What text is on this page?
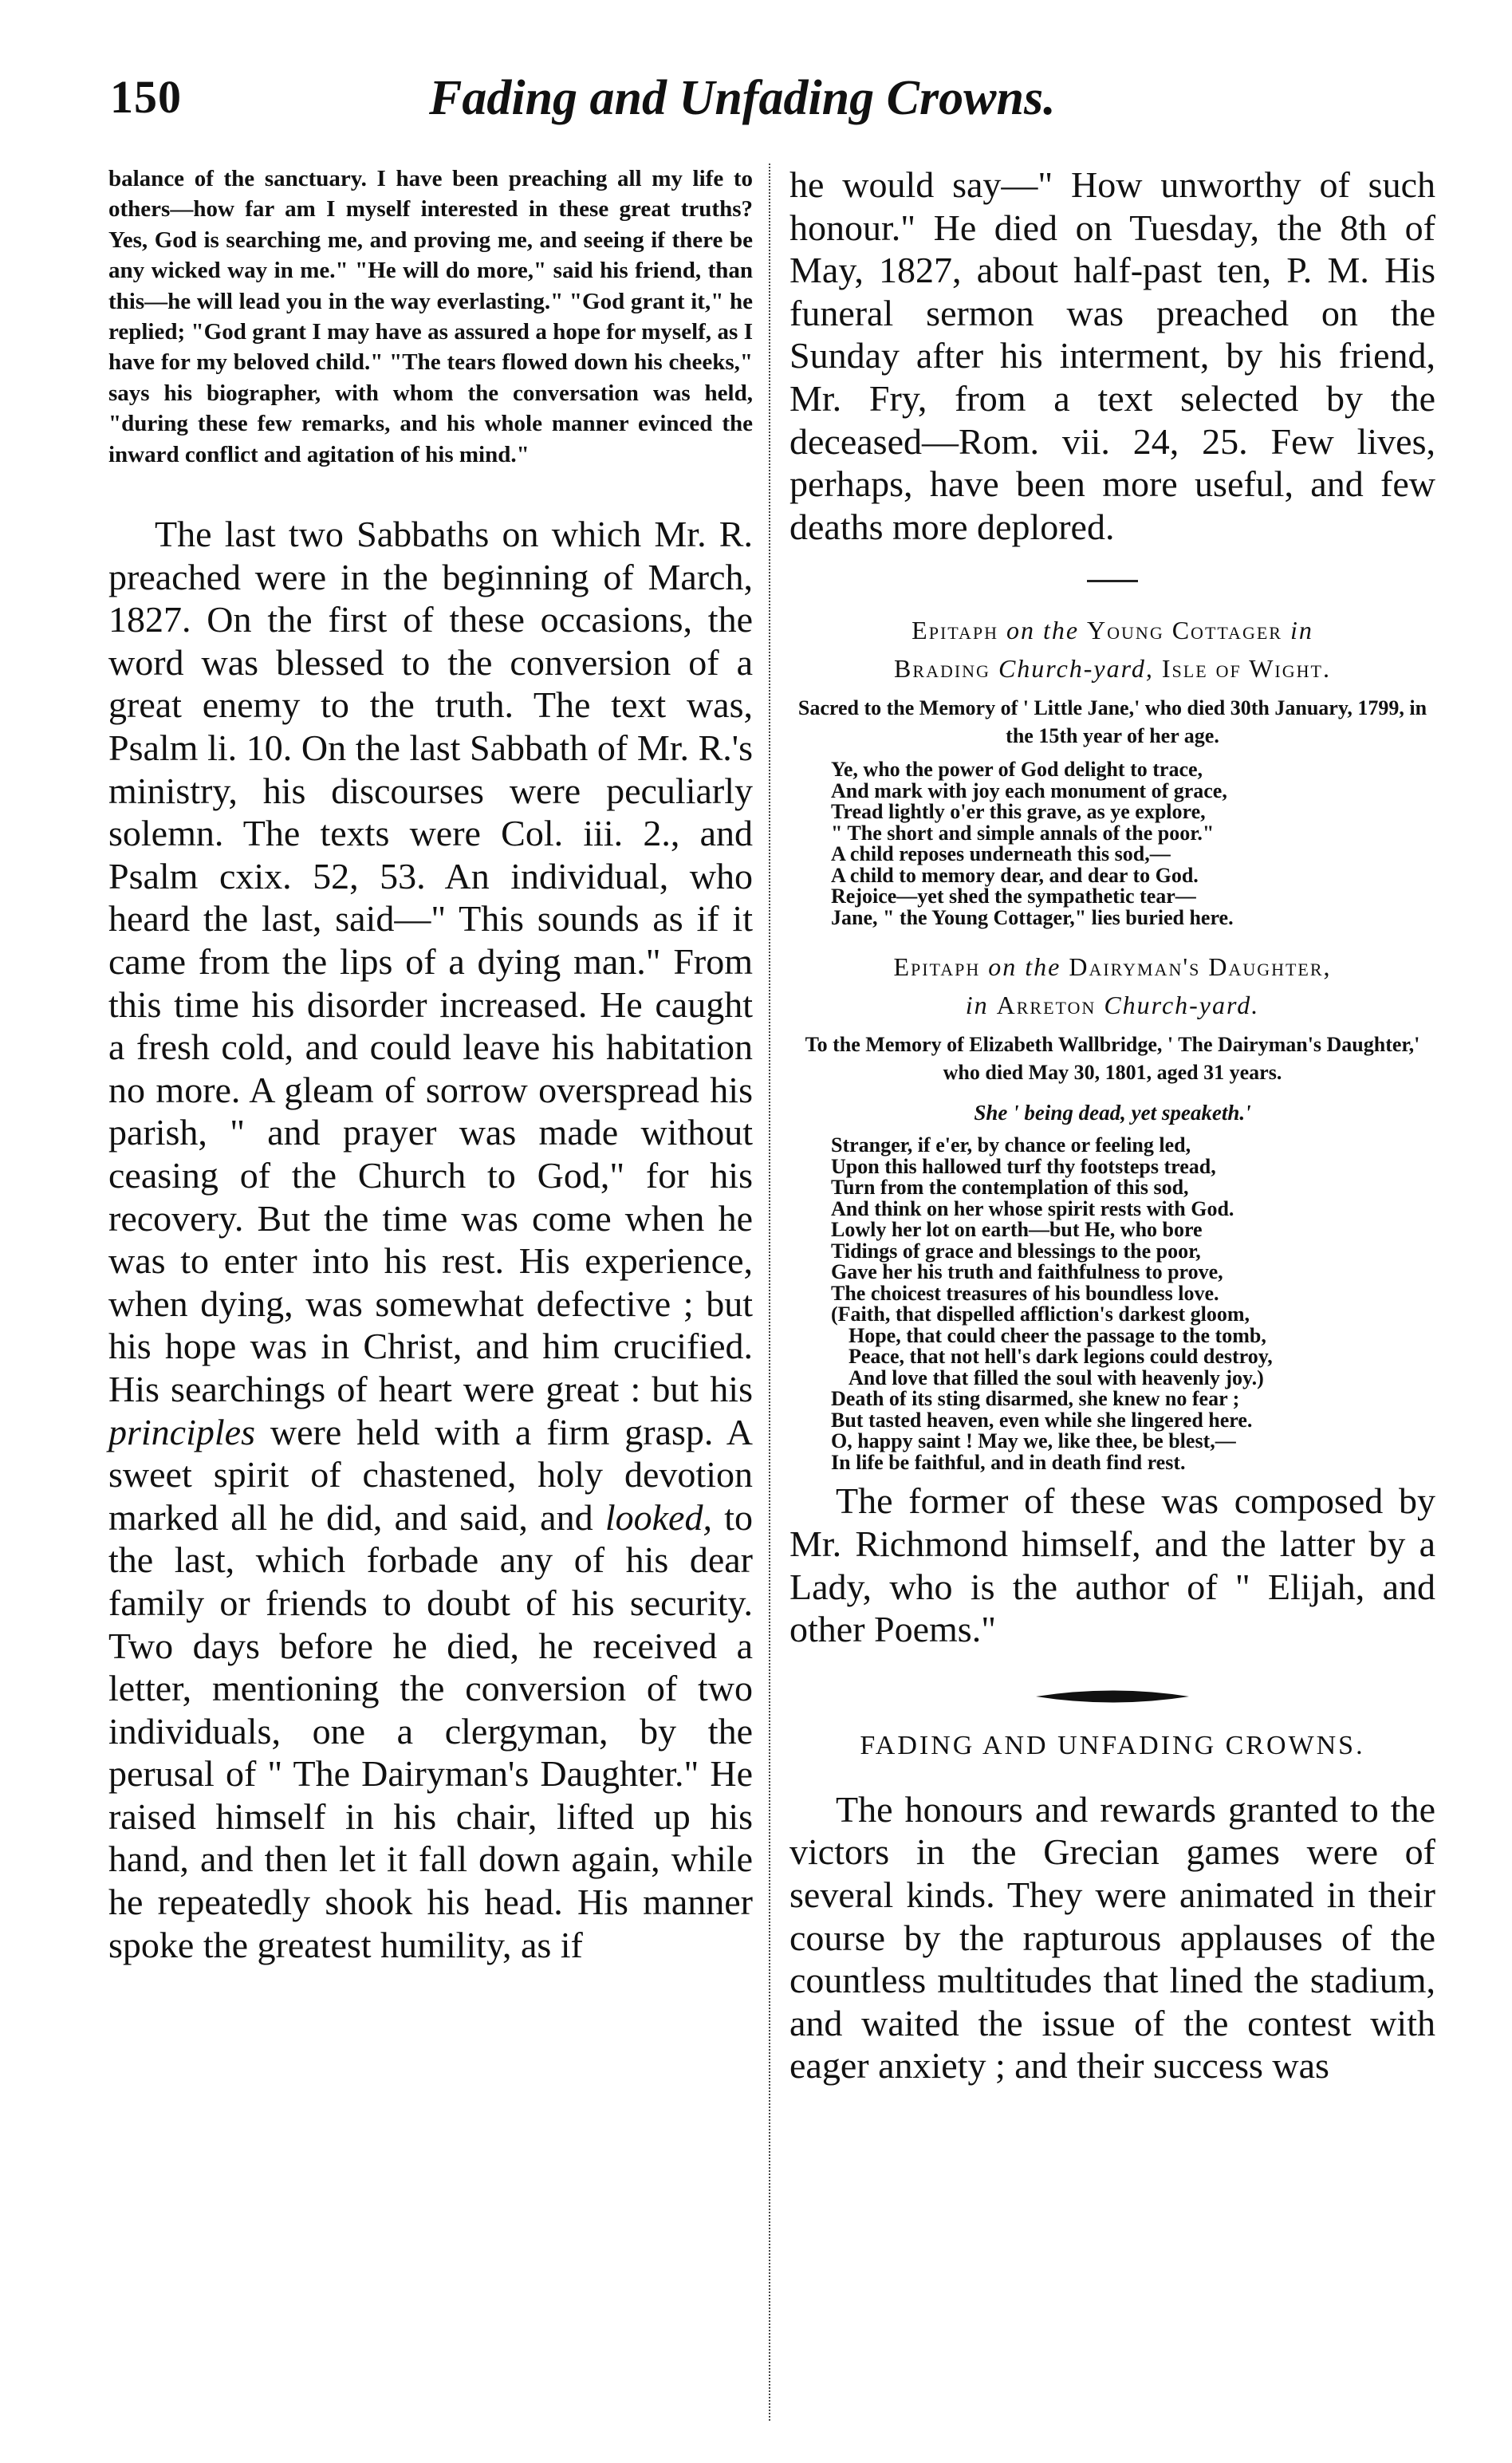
150	Fading and Unfading Crowns.

balance of the sanctuary. I have been preaching all my life to others—how far am I myself interested in these great truths? Yes, God is searching me, and proving me, and seeing if there be any wicked way in me." "He will do more," said his friend, than this—he will lead you in the way everlasting." "God grant it," he replied; "God grant I may have as assured a hope for myself, as I have for my beloved child." "The tears flowed down his cheeks," says his biographer, with whom the conversation was held, "during these few remarks, and his whole manner evinced the inward conflict and agitation of his mind."

The last two Sabbaths on which Mr. R. preached were in the beginning of March, 1827. On the first of these occasions, the word was blessed to the conversion of a great enemy to the truth. The text was, Psalm li. 10. On the last Sabbath of Mr. R.'s ministry, his discourses were peculiarly solemn. The texts were Col. iii. 2., and Psalm cxix. 52, 53. An individual, who heard the last, said—" This sounds as if it came from the lips of a dying man." From this time his disorder increased. He caught a fresh cold, and could leave his habitation no more. A gleam of sorrow overspread his parish, " and prayer was made without ceasing of the Church to God," for his recovery. But the time was come when he was to enter into his rest. His experience, when dying, was somewhat defective ; but his hope was in Christ, and him crucified. His searchings of heart were great : but his principles were held with a firm grasp. A sweet spirit of chastened, holy devotion marked all he did, and said, and looked, to the last, which forbade any of his dear family or friends to doubt of his security. Two days before he died, he received a letter, mentioning the conversion of two individuals, one a clergyman, by the perusal of " The Dairyman's Daughter." He raised himself in his chair, lifted up his hand, and then let it fall down again, while he repeatedly shook his head. His manner spoke the greatest humility, as if

he would say—" How unworthy of such honour." He died on Tuesday, the 8th of May, 1827, about half-past ten, P. M. His funeral sermon was preached on the Sunday after his interment, by his friend, Mr. Fry, from a text selected by the deceased—Rom. vii. 24, 25. Few lives, perhaps, have been more useful, and few deaths more deplored.

Epitaph on the Young Cottager in
Brading Church-yard, Isle of Wight.

Sacred to the Memory of ' Little Jane,' who died 30th January, 1799, in the 15th year of her age.

Ye, who the power of God delight to trace,
And mark with joy each monument of grace,
Tread lightly o'er this grave, as ye explore,
" The short and simple annals of the poor."
A child reposes underneath this sod,—
A child to memory dear, and dear to God.
Rejoice—yet shed the sympathetic tear—
Jane, " the Young Cottager," lies buried here.

Epitaph on the Dairyman's Daughter,
in Arreton Church-yard.

To the Memory of Elizabeth Wallbridge, ' The Dairyman's Daughter,' who died May 30, 1801, aged 31 years.

She ' being dead, yet speaketh.'

Stranger, if e'er, by chance or feeling led,
Upon this hallowed turf thy footsteps tread,
Turn from the contemplation of this sod,
And think on her whose spirit rests with God.
Lowly her lot on earth—but He, who bore
Tidings of grace and blessings to the poor,
Gave her his truth and faithfulness to prove,
The choicest treasures of his boundless love.
(Faith, that dispelled affliction's darkest gloom,
Hope, that could cheer the passage to the tomb,
Peace, that not hell's dark legions could destroy,
And love that filled the soul with heavenly joy.)
Death of its sting disarmed, she knew no fear ;
But tasted heaven, even while she lingered here.
O, happy saint ! May we, like thee, be blest,—
In life be faithful, and in death find rest.

The former of these was composed by Mr. Richmond himself, and the latter by a Lady, who is the author of " Elijah, and other Poems."

FADING AND UNFADING CROWNS.

The honours and rewards granted to the victors in the Grecian games were of several kinds. They were animated in their course by the rapturous applauses of the countless multitudes that lined the stadium, and waited the issue of the contest with eager anxiety ; and their success was
